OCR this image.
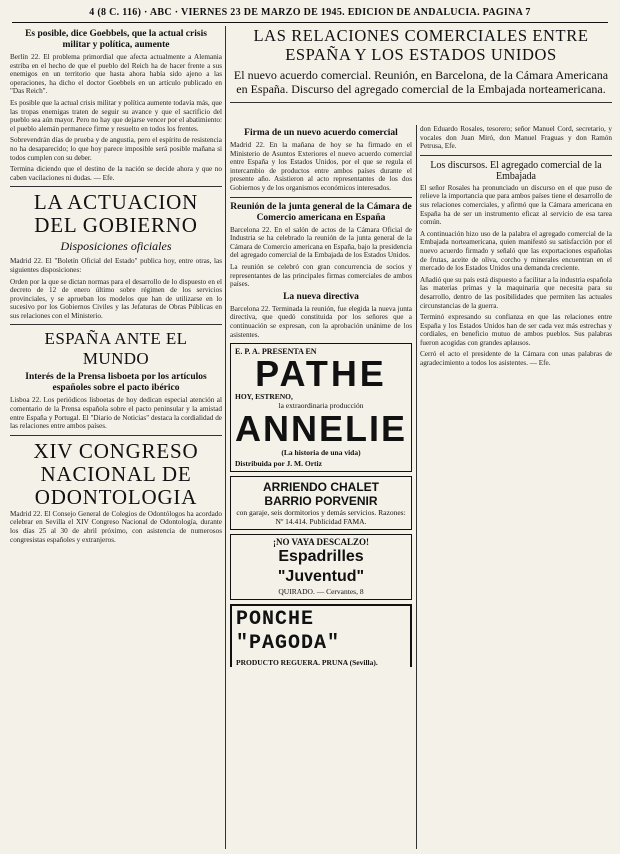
4 (8 C. 116) · ABC · VIERNES 23 DE MARZO DE 1945. EDICION DE ANDALUCIA. PAGINA 7
LAS RELACIONES COMERCIALES ENTRE ESPAÑA Y LOS ESTADOS UNIDOS

El nuevo acuerdo comercial. Reunión, en Barcelona, de la Cámara Americana en España. Discurso del agregado comercial de la Embajada norteamericana.

Es posible, dice Goebbels, que la actual crisis militar y política, aumente

Berlín 22. El problema primordial que afecta actualmente a Alemania estriba en el hecho de que el pueblo del Reich ha de hacer frente a sus enemigos en un territorio que hasta ahora había sido ajeno a las operaciones, ha dicho el doctor Goebbels en un artículo publicado en "Das Reich".

Es posible que la actual crisis militar y política aumente todavía más, que las tropas enemigas traten de seguir su avance y que el sacrificio del pueblo sea aún mayor. Pero no hay que dejarse vencer por el abatimiento: el pueblo alemán permanece firme y resuelto en todos los frentes.

Sobrevendrán días de prueba y de angustia, pero el espíritu de resistencia no ha desaparecido; lo que hoy parece imposible será posible mañana si todos cumplen con su deber.

Termina diciendo que el destino de la nación se decide ahora y que no caben vacilaciones ni dudas. — Efe.

LA ACTUACION DEL GOBIERNO
Disposiciones oficiales

Madrid 22. El "Boletín Oficial del Estado" publica hoy, entre otras, las siguientes disposiciones:

Orden por la que se dictan normas para el desarrollo de lo dispuesto en el decreto de 12 de enero último sobre régimen de los servicios provinciales, y se aprueban los modelos que han de utilizarse en lo sucesivo por los Gobiernos Civiles y las Jefaturas de Obras Públicas en sus relaciones con el Ministerio.

ESPAÑA ANTE EL MUNDO
Interés de la Prensa lisboeta por los artículos españoles sobre el pacto ibérico

Lisboa 22. Los periódicos lisboetas de hoy dedican especial atención al comentario de la Prensa española sobre el pacto peninsular y la amistad entre España y Portugal. El "Diario de Noticias" destaca la cordialidad de las relaciones entre ambos países.

XIV CONGRESO NACIONAL DE ODONTOLOGIA

Madrid 22. El Consejo General de Colegios de Odontólogos ha acordado celebrar en Sevilla el XIV Congreso Nacional de Odontología, durante los días 25 al 30 de abril próximo, con asistencia de numerosos congresistas españoles y extranjeros.

Firma de un nuevo acuerdo comercial

Madrid 22. En la mañana de hoy se ha firmado en el Ministerio de Asuntos Exteriores el nuevo acuerdo comercial entre España y los Estados Unidos, por el que se regula el intercambio de productos entre ambos países durante el presente año. Asistieron al acto representantes de los dos Gobiernos y de los organismos económicos interesados.

Reunión de la junta general de la Cámara de Comercio americana en España

Barcelona 22. En el salón de actos de la Cámara Oficial de Industria se ha celebrado la reunión de la junta general de la Cámara de Comercio americana en España, bajo la presidencia del agregado comercial de la Embajada de los Estados Unidos.

La reunión se celebró con gran concurrencia de socios y representantes de las principales firmas comerciales de ambos países.

La nueva directiva

Barcelona 22. Terminada la reunión, fue elegida la nueva junta directiva, que quedó constituida por los señores que a continuación se expresan, con la aprobación unánime de los asistentes.

E. P. A. PRESENTA EN
PATHE
HOY, ESTRENO,
la extraordinaria producción
ANNELIE
(La historia de una vida)
Distribuida por J. M. Ortiz
ARRIENDO CHALET
BARRIO PORVENIR
con garaje, seis dormitorios y demás servicios. Razones: Nº 14.414. Publicidad FAMA.
¡NO VAYA DESCALZO!
Espadrilles "Juventud"
QUIRADO. — Cervantes, 8
PONCHE "PAGODA"
PRODUCTO REGUERA. PRUNA (Sevilla).

don Eduardo Rosales, tesorero; señor Manuel Cord, secretario, y vocales don Juan Miró, don Manuel Fraguas y don Ramón Petrusa, Efe.

Los discursos. El agregado comercial de la Embajada

El señor Rosales ha pronunciado un discurso en el que puso de relieve la importancia que para ambos países tiene el desarrollo de sus relaciones comerciales, y afirmó que la Cámara americana en España ha de ser un instrumento eficaz al servicio de esa tarea común.

A continuación hizo uso de la palabra el agregado comercial de la Embajada norteamericana, quien manifestó su satisfacción por el nuevo acuerdo firmado y señaló que las exportaciones españolas de frutas, aceite de oliva, corcho y minerales encuentran en el mercado de los Estados Unidos una demanda creciente.

Añadió que su país está dispuesto a facilitar a la industria española las materias primas y la maquinaria que necesita para su desarrollo, dentro de las posibilidades que permiten las actuales circunstancias de la guerra.

Terminó expresando su confianza en que las relaciones entre España y los Estados Unidos han de ser cada vez más estrechas y cordiales, en beneficio mutuo de ambos pueblos. Sus palabras fueron acogidas con grandes aplausos.

Cerró el acto el presidente de la Cámara con unas palabras de agradecimiento a todos los asistentes. — Efe.
